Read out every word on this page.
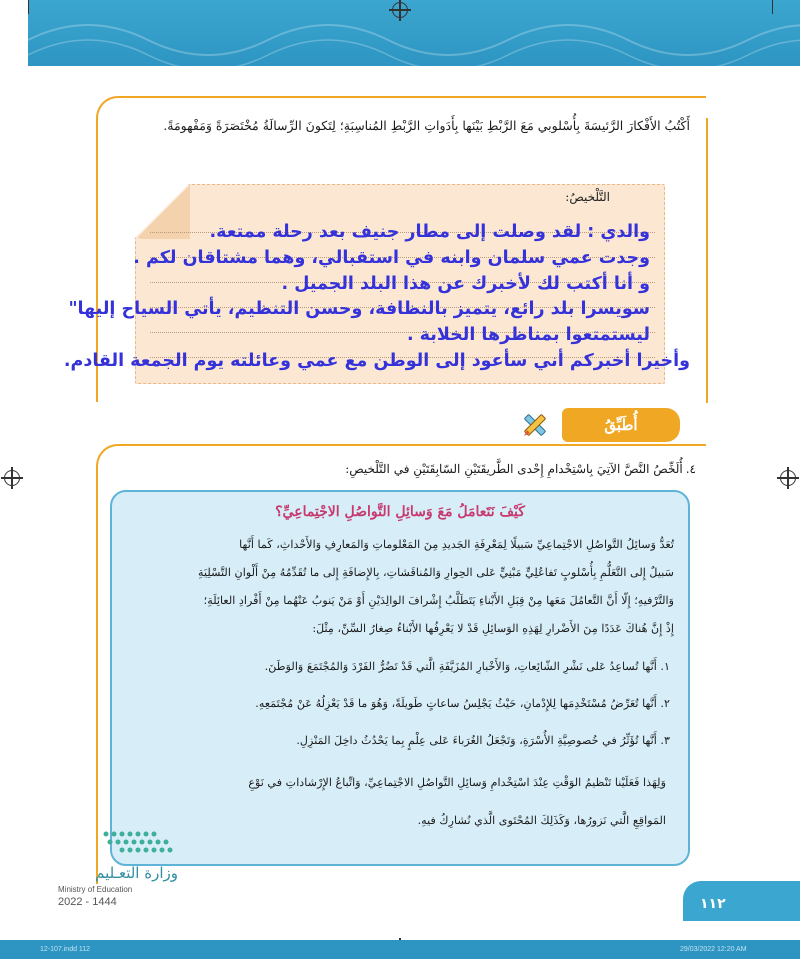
أَكْتُبُ الأَفْكارَ الرَّئيسَةَ بِأُسْلوبي مَعَ الرَّبْطِ بَيْنَها بِأَدَواتِ الرَّبْطِ المُناسِبَةِ؛ لِتَكونَ الرِّسالَةُ مُخْتَصَرَةً وَمَفْهومَةً.
التَّلْخيصُ:
والدي : لقد وصلت إلى مطار جنيف بعد رحلة ممتعة.
وجدت عمي سلمان وابنه في استقبالي، وهما مشتاقان لكم .
و أنا أكتب لك لأخبرك عن هذا البلد الجميل .
سويسرا بلد رائع، يتميز بالنظافة، وحسن التنظيم، يأتي السياح إليها"
ليستمتعوا بمناظرها الخلابة .
وأخيرا أخبركم أني سأعود إلى الوطن مع عمي وعائلته يوم الجمعة القادم.
أُطَبِّقُ
٤.أُلَخِّصُ النَّصَّ الآتِيَ بِاسْتِخْدامِ إِحْدى الطَّريقَتَيْنِ السّابِقَتَيْنِ في التَّلْخيصِ:
كَيْفَ نَتَعامَلُ مَعَ وَسائِلِ التَّواصُلِ الاجْتِماعِيِّ؟
تُعَدُّ وَسائِلُ التَّواصُلِ الاجْتِماعِيِّ سَبيلًا لِمَعْرِفَةِ الجَديدِ مِنَ المَعْلوماتِ وَالمَعارِفِ وَالأَحْداثِ، كَما أَنَّها
سَبيلٌ إِلى التَّعَلُّمِ بِأُسْلوبٍ تَفاعُلِيٍّ مَبْنِيٍّ عَلى الحِوارِ وَالمُناقَشاتِ، بِالإِضافَةِ إِلى ما تُقَدِّمُهُ مِنْ أَلْوانِ التَّسْلِيَةِ
وَالتَّرْفيهِ؛ إِلّا أَنَّ التَّعامُلَ مَعَها مِنْ قِبَلِ الأَبْناءِ يَتَطَلَّبُ إِشْرافَ الوالِدَيْنِ أَوْ مَنْ يَنوبُ عَنْهُما مِنْ أَفْرادِ العائِلَةِ؛
إِذْ إِنَّ هُناكَ عَدَدًا مِنَ الأَضْرارِ لِهَذِهِ الوَسائِلِ قَدْ لا يَعْرِفُها الأَبْناءُ صِغارُ السِّنِّ، مِثْلَ:
١. أَنَّها تُساعِدُ عَلى نَشْرِ الشّائِعاتِ، وَالأَخْبارِ المُزَيَّفَةِ الَّتي قَدْ تَضُرُّ الفَرْدَ وَالمُجْتَمَعَ وَالوَطَنَ.
٢. أَنَّها تُعَرِّضُ مُسْتَخْدِمَها لِلإِدْمانِ، حَيْثُ يَجْلِسُ ساعاتٍ طَويلَةً، وَهُوَ ما قَدْ يَعْزِلُهُ عَنْ مُجْتَمَعِهِ.
٣. أَنَّها تُؤَثِّرُ في خُصوصِيَّةِ الأُسْرَةِ، وَتَجْعَلُ الغُرَباءَ عَلى عِلْمٍ بِما يَحْدُثُ داخِلَ المَنْزِلِ.
وَلِهَذا فَعَلَيْنا تَنْظيمُ الوَقْتِ عِنْدَ اسْتِخْدامِ وَسائِلِ التَّواصُلِ الاجْتِماعِيِّ، وَاتِّباعُ الإِرْشاداتِ في نَوْعِ
المَواقِعِ الَّتي نَزورُها، وَكَذَلِكَ المُحْتَوى الَّذي نُشارِكُ فيهِ.
١١٢
وزارة التعـليم
Ministry of Education
2022 - 1444
12-107.indd 112	29/03/2022 12:20 AM
